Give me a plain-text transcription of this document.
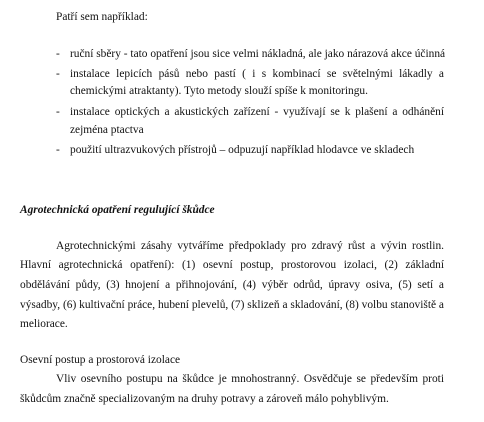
Patří sem například:
- ruční sběry - tato opatření jsou sice velmi nákladná, ale jako nárazová akce účinná
- instalace lepicích pásů nebo pastí ( i s kombinací se světelnými lákadly a
chemickými atraktanty). Tyto metody slouží spíše k monitoringu.
- instalace optických a akustických zařízení - využívají se k plašení a odhánění
zejména ptactva
- použití ultrazvukových přístrojů – odpuzují například hlodavce ve skladech
Agrotechnická opatření regulující škůdce
Agrotechnickými zásahy vytváříme předpoklady pro zdravý růst a vývin rostlin.
Hlavní agrotechnická opatření): (1) osevní postup, prostorovou izolaci, (2) základní
obdělávání půdy, (3) hnojení a přihnojování, (4) výběr odrůd, úpravy osiva, (5) setí a
výsadby, (6) kultivační práce, hubení plevelů, (7) sklizeň a skladování, (8) volbu stanoviště a
meliorace.
Osevní postup a prostorová izolace
Vliv osevního postupu na škůdce je mnohostranný. Osvědčuje se především proti
škůdcům značně specializovaným na druhy potravy a zároveň málo pohyblivým.
